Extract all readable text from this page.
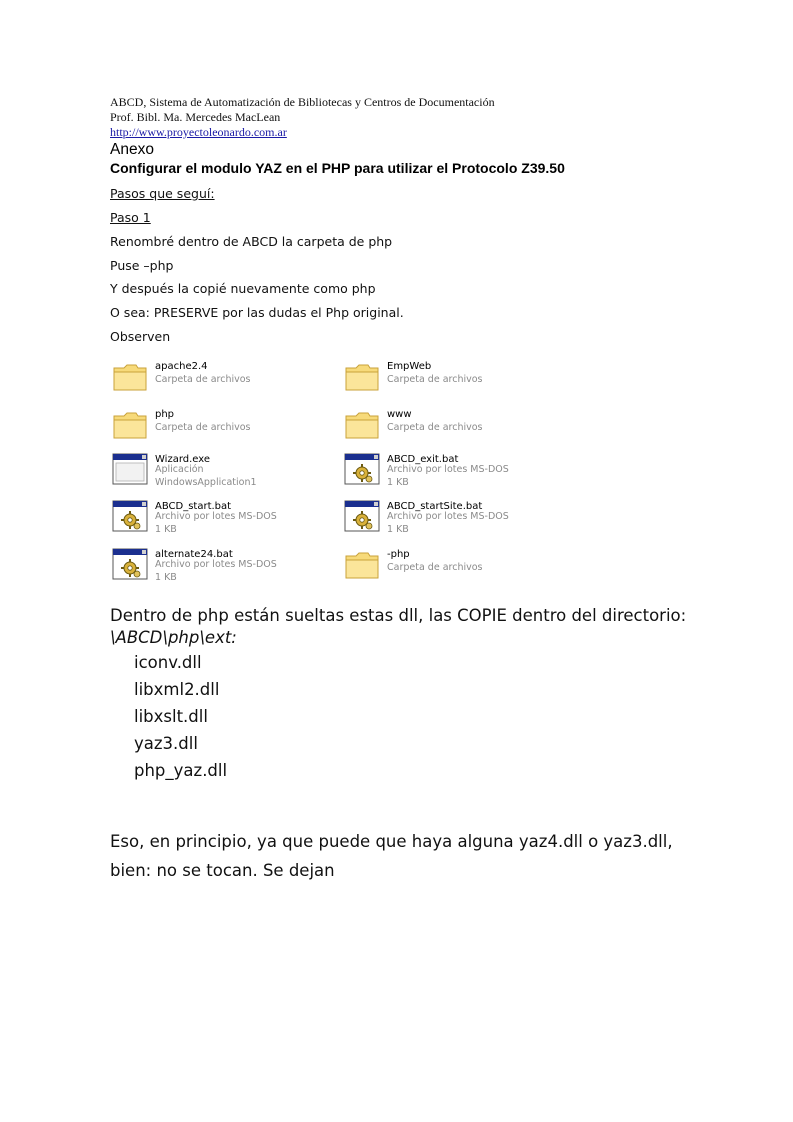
ABCD, Sistema de Automatización de Bibliotecas y Centros de Documentación
Prof. Bibl. Ma. Mercedes MacLean
http://www.proyectoleonardo.com.ar
Anexo
Configurar el modulo YAZ en el PHP para utilizar el Protocolo Z39.50
Pasos que seguí:
Paso 1
Renombré dentro de ABCD la carpeta de php
Puse –php
Y después la copié nuevamente como php
O sea: PRESERVE por las dudas el Php original.
Observen
apache2.4
Carpeta de archivos
EmpWeb
Carpeta de archivos
php
Carpeta de archivos
www
Carpeta de archivos
Wizard.exe
Aplicación
WindowsApplication1
ABCD_exit.bat
Archivo por lotes MS-DOS
1 KB
ABCD_start.bat
Archivo por lotes MS-DOS
1 KB
ABCD_startSite.bat
Archivo por lotes MS-DOS
1 KB
alternate24.bat
Archivo por lotes MS-DOS
1 KB
-php
Carpeta de archivos
Dentro de php están sueltas estas dll, las COPIE dentro del directorio:
\ABCD\php\ext:
iconv.dll
libxml2.dll
libxslt.dll
yaz3.dll
php_yaz.dll
Eso, en principio, ya que puede que haya alguna yaz4.dll o yaz3.dll,
bien: no se tocan. Se dejan
